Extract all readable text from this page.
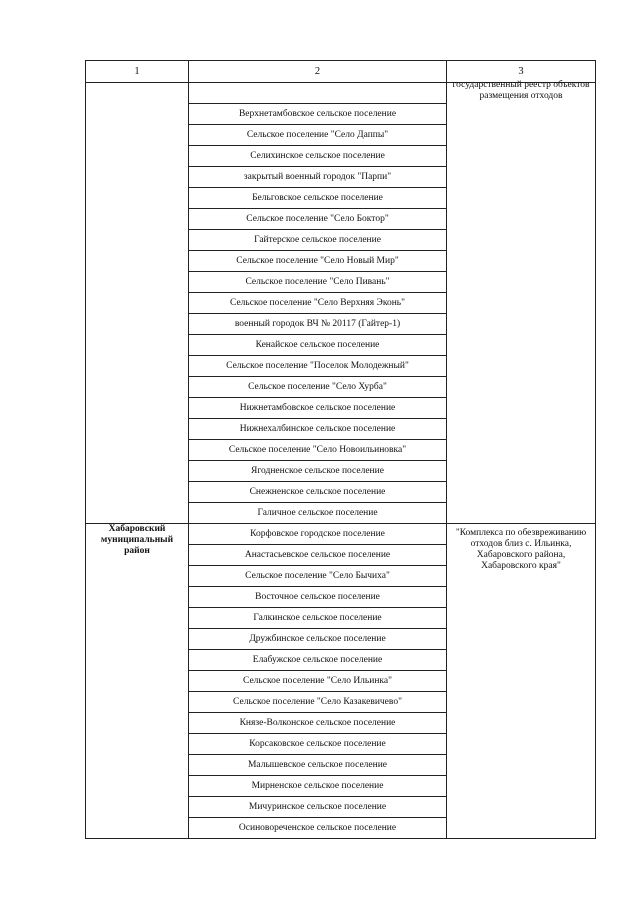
1	2	3

		государственный реестр объектов размещения отходов

	Верхнетамбовское сельское поселение	
	Сельское поселение "Село Даппы"	
	Селихинское сельское поселение	
	закрытый военный городок "Парпи"	
	Бельговское сельское поселение	
	Сельское поселение "Село Боктор"	
	Гайтерское сельское поселение	
	Сельское поселение "Село Новый Мир"	
	Сельское поселение "Село Пивань"	
	Сельское поселение "Село Верхняя Эконь"	
	военный городок ВЧ № 20117 (Гайтер-1)	
	Кенайское сельское поселение	
	Сельское поселение "Поселок Молодежный"	
	Сельское поселение "Село Хурба"	
	Нижнетамбовское сельское поселение	
	Нижнехалбинское сельское поселение	
	Сельское поселение "Село Новоильиновка"	
	Ягодненское сельское поселение	
	Снежненское сельское поселение	
	Галичное сельское поселение	
Хабаровский муниципальный район	Корфовское городское поселение	"Комплекса по обезвреживанию отходов близ с. Ильинка, Хабаровского района, Хабаровского края"

	Анастасьевское сельское поселение	
	Сельское поселение "Село Бычиха"	
	Восточное сельское поселение	
	Галкинское сельское поселение	
	Дружбинское сельское поселение	
	Елабужское сельское поселение	
	Сельское поселение "Село Ильинка"	
	Сельское поселение "Село Казакевичево"	
	Князе-Волконское сельское поселение	
	Корсаковское сельское поселение	
	Малышевское сельское поселение	
	Мирненское сельское поселение	
	Мичуринское сельское поселение	
	Осиновореченское сельское поселение	
